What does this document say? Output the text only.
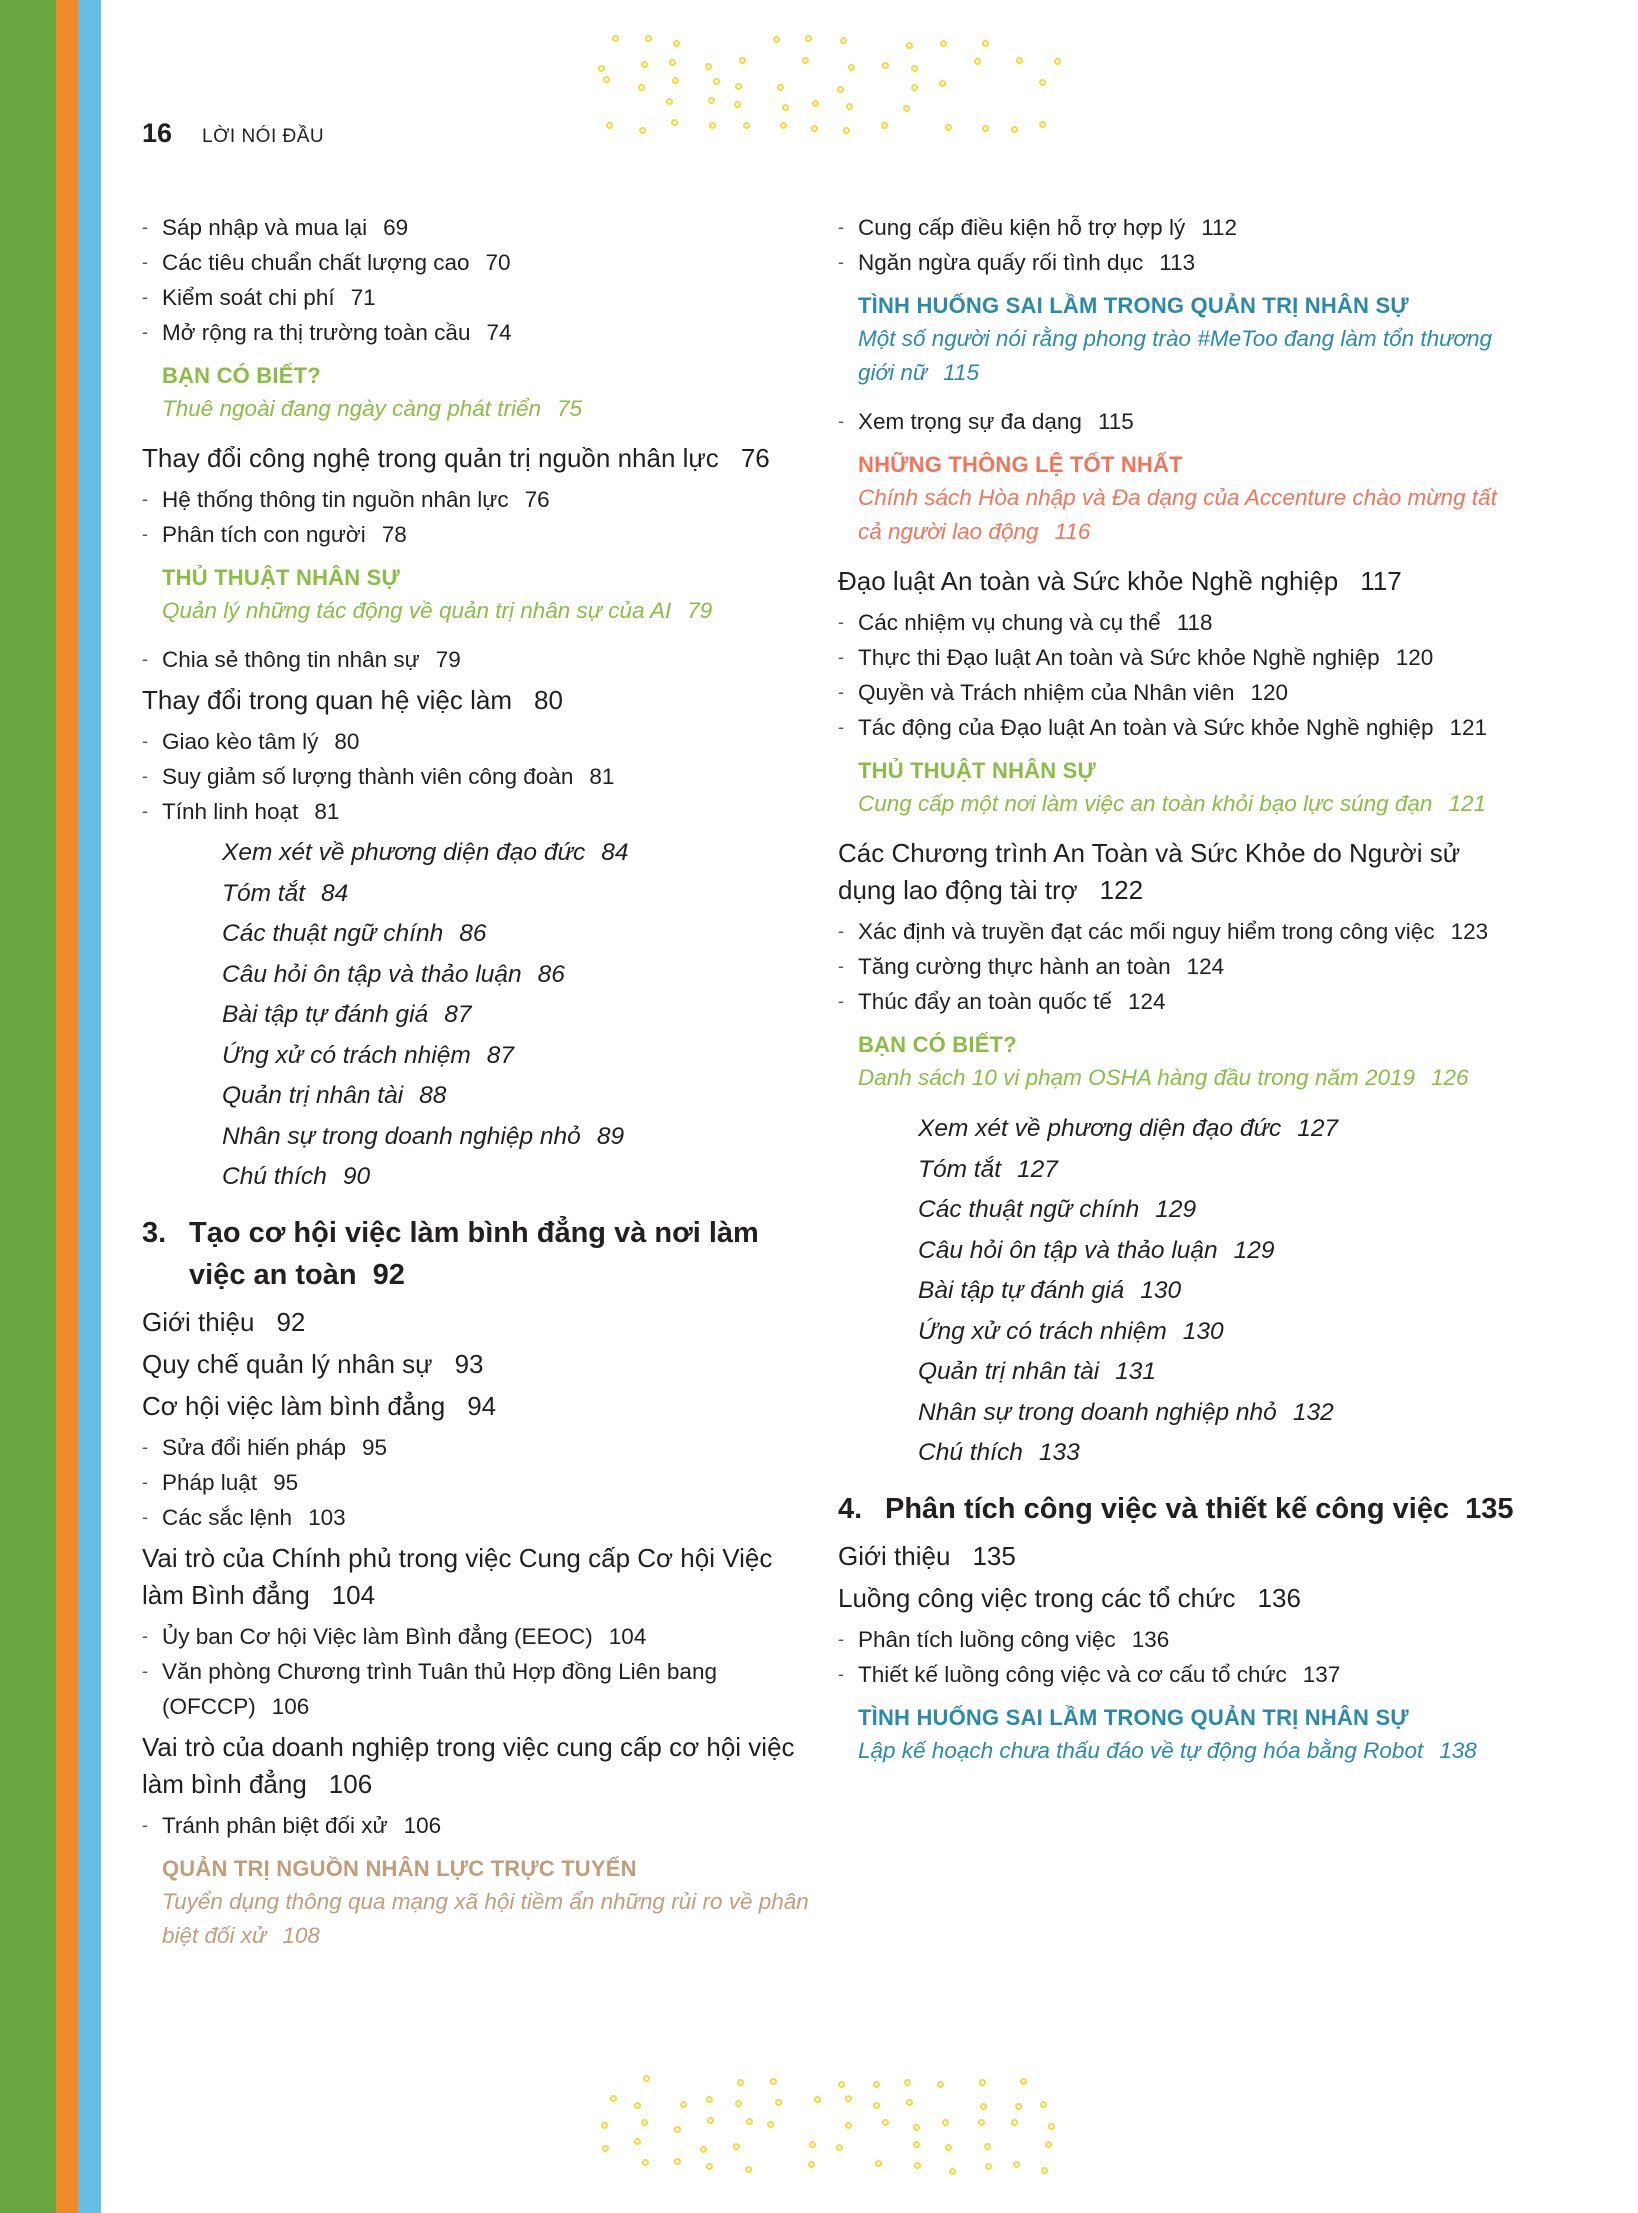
16 LỜI NÓI ĐẦU
- Sáp nhập và mua lại 69
- Các tiêu chuẩn chất lượng cao 70
- Kiểm soát chi phí 71
- Mở rộng ra thị trường toàn cầu 74
BẠN CÓ BIẾT?
Thuê ngoài đang ngày càng phát triển 75
Thay đổi công nghệ trong quản trị nguồn nhân lực 76
- Hệ thống thông tin nguồn nhân lực 76
- Phân tích con người 78
THỦ THUẬT NHÂN SỰ
Quản lý những tác động về quản trị nhân sự của AI 79
- Chia sẻ thông tin nhân sự 79
Thay đổi trong quan hệ việc làm 80
- Giao kèo tâm lý 80
- Suy giảm số lượng thành viên công đoàn 81
- Tính linh hoạt 81
Xem xét về phương diện đạo đức 84
Tóm tắt 84
Các thuật ngữ chính 86
Câu hỏi ôn tập và thảo luận 86
Bài tập tự đánh giá 87
Ứng xử có trách nhiệm 87
Quản trị nhân tài 88
Nhân sự trong doanh nghiệp nhỏ 89
Chú thích 90
3. Tạo cơ hội việc làm bình đẳng và nơi làm việc an toàn 92
Giới thiệu 92
Quy chế quản lý nhân sự 93
Cơ hội việc làm bình đẳng 94
- Sửa đổi hiến pháp 95
- Pháp luật 95
- Các sắc lệnh 103
Vai trò của Chính phủ trong việc Cung cấp Cơ hội Việc làm Bình đẳng 104
- Ủy ban Cơ hội Việc làm Bình đẳng (EEOC) 104
- Văn phòng Chương trình Tuân thủ Hợp đồng Liên bang (OFCCP) 106
Vai trò của doanh nghiệp trong việc cung cấp cơ hội việc làm bình đẳng 106
- Tránh phân biệt đối xử 106
QUẢN TRỊ NGUỒN NHÂN LỰC TRỰC TUYẾN
Tuyển dụng thông qua mạng xã hội tiềm ẩn những rủi ro về phân biệt đối xử 108
- Cung cấp điều kiện hỗ trợ hợp lý 112
- Ngăn ngừa quấy rối tình dục 113
TÌNH HUỐNG SAI LẦM TRONG QUẢN TRỊ NHÂN SỰ
Một số người nói rằng phong trào #MeToo đang làm tổn thương giới nữ 115
- Xem trọng sự đa dạng 115
NHỮNG THÔNG LỆ TỐT NHẤT
Chính sách Hòa nhập và Đa dạng của Accenture chào mừng tất cả người lao động 116
Đạo luật An toàn và Sức khỏe Nghề nghiệp 117
- Các nhiệm vụ chung và cụ thể 118
- Thực thi Đạo luật An toàn và Sức khỏe Nghề nghiệp 120
- Quyền và Trách nhiệm của Nhân viên 120
- Tác động của Đạo luật An toàn và Sức khỏe Nghề nghiệp 121
THỦ THUẬT NHÂN SỰ
Cung cấp một nơi làm việc an toàn khỏi bạo lực súng đạn 121
Các Chương trình An Toàn và Sức Khỏe do Người sử dụng lao động tài trợ 122
- Xác định và truyền đạt các mối nguy hiểm trong công việc 123
- Tăng cường thực hành an toàn 124
- Thúc đẩy an toàn quốc tế 124
BẠN CÓ BIẾT?
Danh sách 10 vi phạm OSHA hàng đầu trong năm 2019 126
Xem xét về phương diện đạo đức 127
Tóm tắt 127
Các thuật ngữ chính 129
Câu hỏi ôn tập và thảo luận 129
Bài tập tự đánh giá 130
Ứng xử có trách nhiệm 130
Quản trị nhân tài 131
Nhân sự trong doanh nghiệp nhỏ 132
Chú thích 133
4. Phân tích công việc và thiết kế công việc 135
Giới thiệu 135
Luồng công việc trong các tổ chức 136
- Phân tích luồng công việc 136
- Thiết kế luồng công việc và cơ cấu tổ chức 137
TÌNH HUỐNG SAI LẦM TRONG QUẢN TRỊ NHÂN SỰ
Lập kế hoạch chưa thấu đáo về tự động hóa bằng Robot 138
